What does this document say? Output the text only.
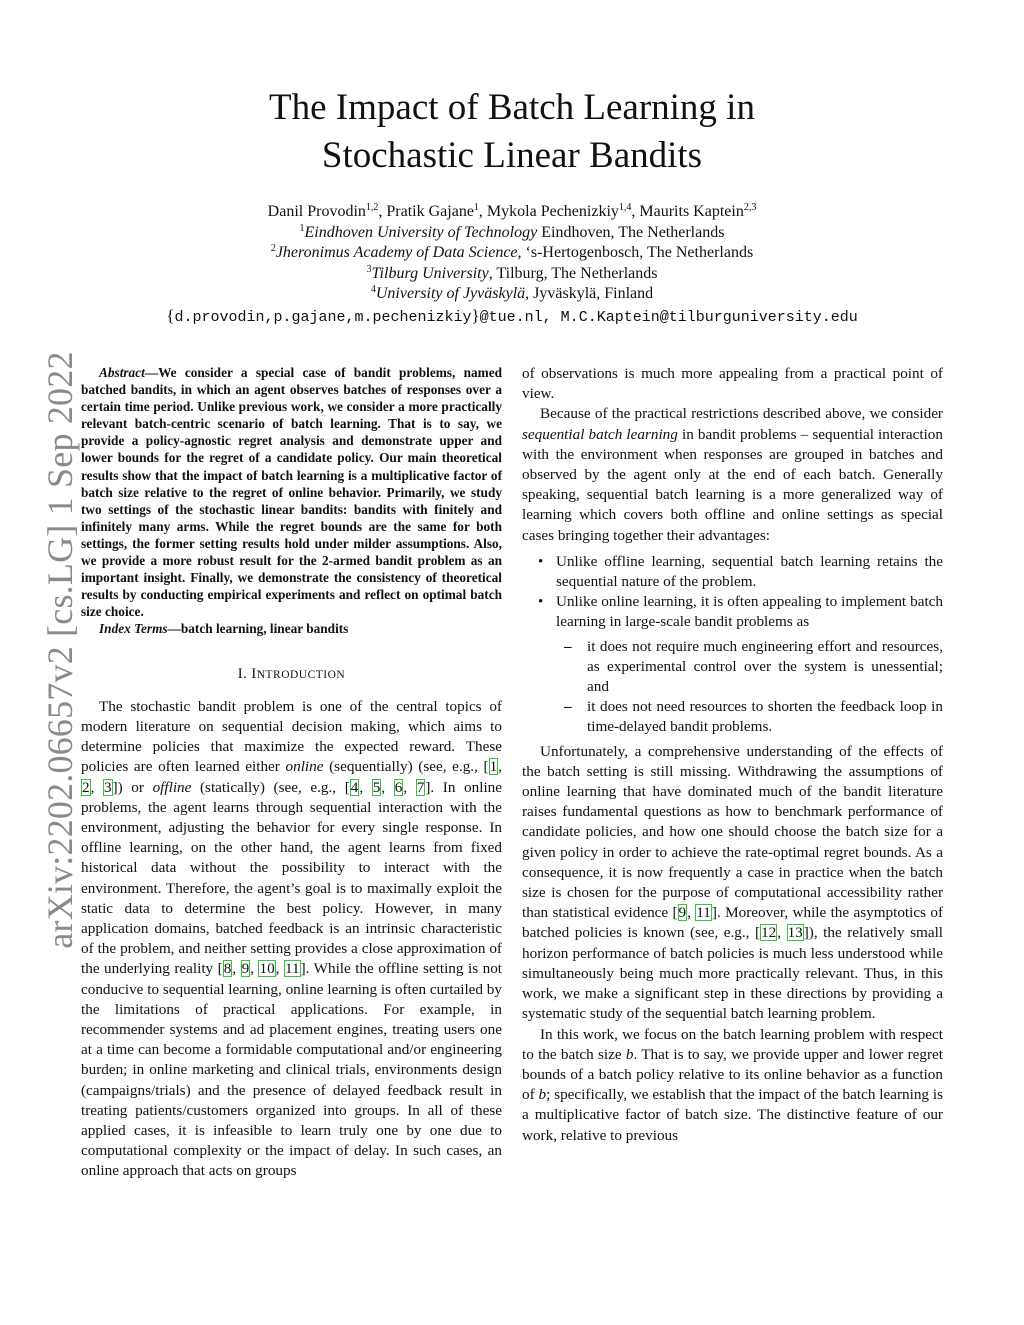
arXiv:2202.06657v2 [cs.LG] 1 Sep 2022
The Impact of Batch Learning in
Stochastic Linear Bandits
Danil Provodin$^{1,2}$, Pratik Gajane$^1$, Mykola Pechenizkiy$^{1,4}$, Maurits Kaptein$^{2,3}$
$^1$Eindhoven University of Technology Eindhoven, The Netherlands
$^2$Jheronimus Academy of Data Science, ‘s-Hertogenbosch, The Netherlands
$^3$Tilburg University, Tilburg, The Netherlands
$^4$University of Jyväskylä, Jyväskylä, Finland
{d.provodin,p.gajane,m.pechenizkiy}@tue.nl, M.C.Kaptein@tilburguniversity.edu

Abstract—We consider a special case of bandit problems, named batched bandits, in which an agent observes batches of responses over a certain time period. Unlike previous work, we consider a more practically relevant batch-centric scenario of batch learning. That is to say, we provide a policy-agnostic regret analysis and demonstrate upper and lower bounds for the regret of a candidate policy. Our main theoretical results show that the impact of batch learning is a multiplicative factor of batch size relative to the regret of online behavior. Primarily, we study two settings of the stochastic linear bandits: bandits with finitely and infinitely many arms. While the regret bounds are the same for both settings, the former setting results hold under milder assumptions. Also, we provide a more robust result for the 2-armed bandit problem as an important insight. Finally, we demonstrate the consistency of theoretical results by conducting empirical experiments and reflect on optimal batch size choice.

Index Terms—batch learning, linear bandits

I. INTRODUCTION

The stochastic bandit problem is one of the central topics of modern literature on sequential decision making, which aims to determine policies that maximize the expected reward. These policies are often learned either online (sequentially) (see, e.g., [1, 2, 3]) or offline (statically) (see, e.g., [4, 5, 6, 7]. In online problems, the agent learns through sequential interaction with the environment, adjusting the behavior for every single response. In offline learning, on the other hand, the agent learns from fixed historical data without the possibility to interact with the environment. Therefore, the agent’s goal is to maximally exploit the static data to determine the best policy. However, in many application domains, batched feedback is an intrinsic characteristic of the problem, and neither setting provides a close approximation of the underlying reality [8, 9, 10, 11]. While the offline setting is not conducive to sequential learning, online learning is often curtailed by the limitations of practical applications. For example, in recommender systems and ad placement engines, treating users one at a time can become a formidable computational and/or engineering burden; in online marketing and clinical trials, environments design (campaigns/trials) and the presence of delayed feedback result in treating patients/customers organized into groups. In all of these applied cases, it is infeasible to learn truly one by one due to computational complexity or the impact of delay. In such cases, an online approach that acts on groups

of observations is much more appealing from a practical point of view.

Because of the practical restrictions described above, we consider sequential batch learning in bandit problems – sequential interaction with the environment when responses are grouped in batches and observed by the agent only at the end of each batch. Generally speaking, sequential batch learning is a more generalized way of learning which covers both offline and online settings as special cases bringing together their advantages:

• Unlike offline learning, sequential batch learning retains the sequential nature of the problem.
• Unlike online learning, it is often appealing to implement batch learning in large-scale bandit problems as
– it does not require much engineering effort and resources, as experimental control over the system is unessential; and
– it does not need resources to shorten the feedback loop in time-delayed bandit problems.

Unfortunately, a comprehensive understanding of the effects of the batch setting is still missing. Withdrawing the assumptions of online learning that have dominated much of the bandit literature raises fundamental questions as how to benchmark performance of candidate policies, and how one should choose the batch size for a given policy in order to achieve the rate-optimal regret bounds. As a consequence, it is now frequently a case in practice when the batch size is chosen for the purpose of computational accessibility rather than statistical evidence [9, 11]. Moreover, while the asymptotics of batched policies is known (see, e.g., [12, 13]), the relatively small horizon performance of batch policies is much less understood while simultaneously being much more practically relevant. Thus, in this work, we make a significant step in these directions by providing a systematic study of the sequential batch learning problem.

In this work, we focus on the batch learning problem with respect to the batch size b. That is to say, we provide upper and lower regret bounds of a batch policy relative to its online behavior as a function of b; specifically, we establish that the impact of the batch learning is a multiplicative factor of batch size. The distinctive feature of our work, relative to previous
